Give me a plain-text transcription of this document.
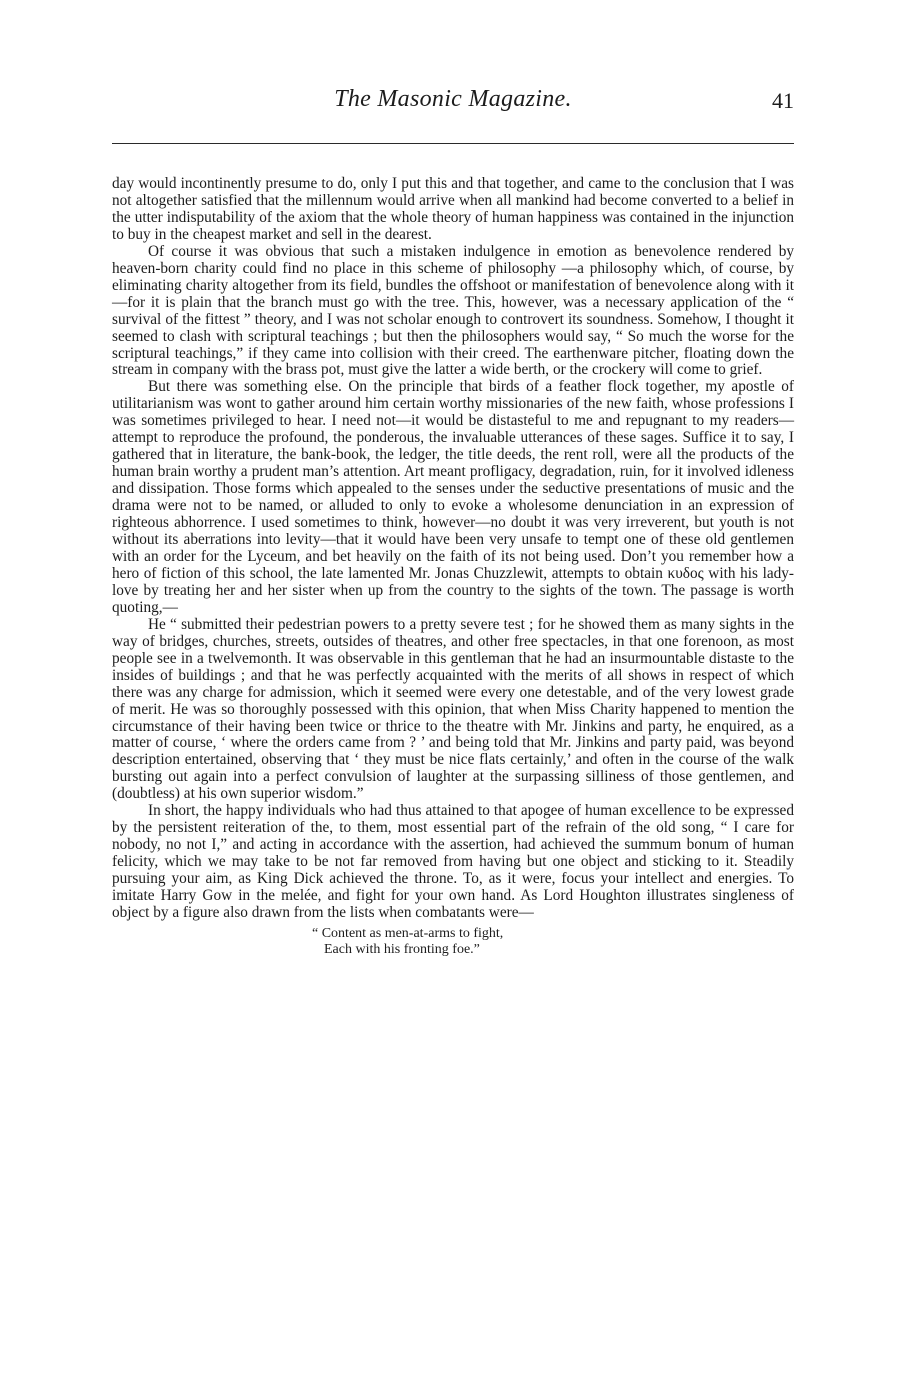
The Masonic Magazine.	41

day would incontinently presume to do, only I put this and that together, and came to the conclusion that I was not altogether satisfied that the millennum would arrive when all mankind had become converted to a belief in the utter indisputability of the axiom that the whole theory of human happiness was contained in the injunction to buy in the cheapest market and sell in the dearest.

Of course it was obvious that such a mistaken indulgence in emotion as benevolence rendered by heaven-born charity could find no place in this scheme of philosophy —a philosophy which, of course, by eliminating charity altogether from its field, bundles the offshoot or manifestation of benevolence along with it—for it is plain that the branch must go with the tree. This, however, was a necessary application of the “ survival of the fittest ” theory, and I was not scholar enough to controvert its soundness. Somehow, I thought it seemed to clash with scriptural teachings ; but then the philosophers would say, “ So much the worse for the scriptural teachings,” if they came into collision with their creed. The earthenware pitcher, floating down the stream in company with the brass pot, must give the latter a wide berth, or the crockery will come to grief.

But there was something else. On the principle that birds of a feather flock together, my apostle of utilitarianism was wont to gather around him certain worthy missionaries of the new faith, whose professions I was sometimes privileged to hear. I need not—it would be distasteful to me and repugnant to my readers—attempt to reproduce the profound, the ponderous, the invaluable utterances of these sages. Suffice it to say, I gathered that in literature, the bank-book, the ledger, the title deeds, the rent roll, were all the products of the human brain worthy a prudent man’s attention. Art meant profligacy, degradation, ruin, for it involved idleness and dissipation. Those forms which appealed to the senses under the seductive presentations of music and the drama were not to be named, or alluded to only to evoke a wholesome denunciation in an expression of righteous abhorrence. I used sometimes to think, however—no doubt it was very irreverent, but youth is not without its aberrations into levity—that it would have been very unsafe to tempt one of these old gentlemen with an order for the Lyceum, and bet heavily on the faith of its not being used. Don’t you remember how a hero of fiction of this school, the late lamented Mr. Jonas Chuzzlewit, attempts to obtain κυδος with his lady-love by treating her and her sister when up from the country to the sights of the town. The passage is worth quoting,—

He “ submitted their pedestrian powers to a pretty severe test ; for he showed them as many sights in the way of bridges, churches, streets, outsides of theatres, and other free spectacles, in that one forenoon, as most people see in a twelvemonth. It was observable in this gentleman that he had an insurmountable distaste to the insides of buildings ; and that he was perfectly acquainted with the merits of all shows in respect of which there was any charge for admission, which it seemed were every one detestable, and of the very lowest grade of merit. He was so thoroughly possessed with this opinion, that when Miss Charity happened to mention the circumstance of their having been twice or thrice to the theatre with Mr. Jinkins and party, he enquired, as a matter of course, ‘ where the orders came from ? ’ and being told that Mr. Jinkins and party paid, was beyond description entertained, observing that ‘ they must be nice flats certainly,’ and often in the course of the walk bursting out again into a perfect convulsion of laughter at the surpassing silliness of those gentlemen, and (doubtless) at his own superior wisdom.”

In short, the happy individuals who had thus attained to that apogee of human excellence to be expressed by the persistent reiteration of the, to them, most essential part of the refrain of the old song, “ I care for nobody, no not I,” and acting in accordance with the assertion, had achieved the summum bonum of human felicity, which we may take to be not far removed from having but one object and sticking to it. Steadily pursuing your aim, as King Dick achieved the throne. To, as it were, focus your intellect and energies. To imitate Harry Gow in the melée, and fight for your own hand. As Lord Houghton illustrates singleness of object by a figure also drawn from the lists when combatants were—

“ Content as men-at-arms to fight,
Each with his fronting foe.”
